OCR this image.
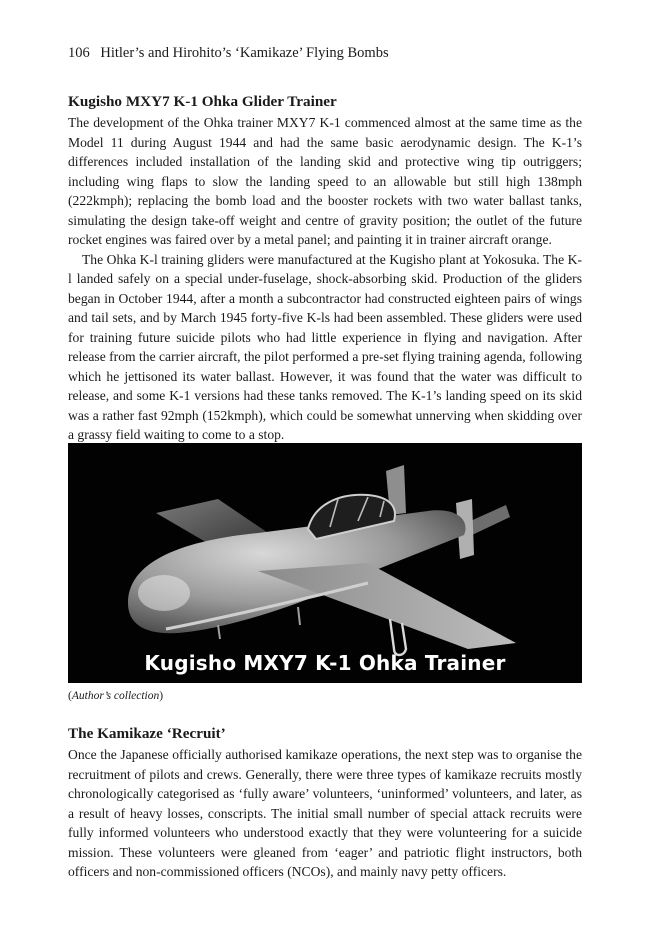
106 Hitler’s and Hirohito’s ‘Kamikaze’ Flying Bombs
Kugisho MXY7 K-1 Ohka Glider Trainer

The development of the Ohka trainer MXY7 K-1 commenced almost at the same time as the Model 11 during August 1944 and had the same basic aerodynamic design. The K-1’s differences included installation of the landing skid and protective wing tip outriggers; including wing flaps to slow the landing speed to an allowable but still high 138mph (222kmph); replacing the bomb load and the booster rockets with two water ballast tanks, simulating the design take-off weight and centre of gravity position; the outlet of the future rocket engines was faired over by a metal panel; and painting it in trainer aircraft orange.

The Ohka K-l training gliders were manufactured at the Kugisho plant at Yokosuka. The K-l landed safely on a special under-fuselage, shock-absorbing skid. Production of the gliders began in October 1944, after a month a subcontractor had constructed eighteen pairs of wings and tail sets, and by March 1945 forty-five K-ls had been assembled. These gliders were used for training future suicide pilots who had little experience in flying and navigation. After release from the carrier aircraft, the pilot performed a pre-set flying training agenda, following which he jettisoned its water ballast. However, it was found that the water was difficult to release, and some K-1 versions had these tanks removed. The K-1’s landing speed on its skid was a rather fast 92mph (152kmph), which could be somewhat unnerving when skidding over a grassy field waiting to come to a stop.

Kugisho MXY7 K-1 Ohka Trainer
(Author’s collection)
The Kamikaze ‘Recruit’

Once the Japanese officially authorised kamikaze operations, the next step was to organise the recruitment of pilots and crews. Generally, there were three types of kamikaze recruits mostly chronologically categorised as ‘fully aware’ volunteers, ‘uninformed’ volunteers, and later, as a result of heavy losses, conscripts. The initial small number of special attack recruits were fully informed volunteers who understood exactly that they were volunteering for a suicide mission. These volunteers were gleaned from ‘eager’ and patriotic flight instructors, both officers and non-commissioned officers (NCOs), and mainly navy petty officers.
